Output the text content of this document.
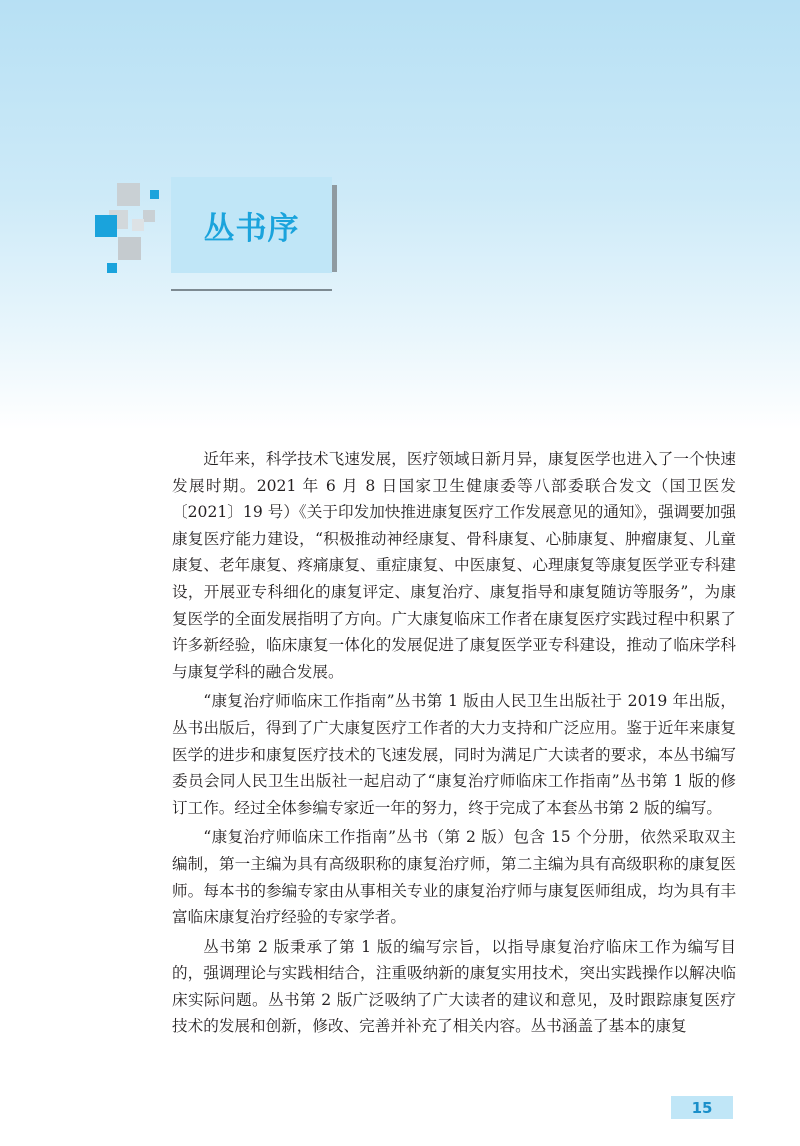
丛书序

近年来，科学技术飞速发展，医疗领域日新月异，康复医学也进入了一个快速发展时期。2021 年 6 月 8 日国家卫生健康委等八部委联合发文（国卫医发〔2021〕19 号）《关于印发加快推进康复医疗工作发展意见的通知》，强调要加强康复医疗能力建设，“积极推动神经康复、骨科康复、心肺康复、肿瘤康复、儿童康复、老年康复、疼痛康复、重症康复、中医康复、心理康复等康复医学亚专科建设，开展亚专科细化的康复评定、康复治疗、康复指导和康复随访等服务”，为康复医学的全面发展指明了方向。广大康复临床工作者在康复医疗实践过程中积累了许多新经验，临床康复一体化的发展促进了康复医学亚专科建设，推动了临床学科与康复学科的融合发展。

“康复治疗师临床工作指南”丛书第 1 版由人民卫生出版社于 2019 年出版，丛书出版后，得到了广大康复医疗工作者的大力支持和广泛应用。鉴于近年来康复医学的进步和康复医疗技术的飞速发展，同时为满足广大读者的要求，本丛书编写委员会同人民卫生出版社一起启动了“康复治疗师临床工作指南”丛书第 1 版的修订工作。经过全体参编专家近一年的努力，终于完成了本套丛书第 2 版的编写。

“康复治疗师临床工作指南”丛书（第 2 版）包含 15 个分册，依然采取双主编制，第一主编为具有高级职称的康复治疗师，第二主编为具有高级职称的康复医师。每本书的参编专家由从事相关专业的康复治疗师与康复医师组成，均为具有丰富临床康复治疗经验的专家学者。

丛书第 2 版秉承了第 1 版的编写宗旨，以指导康复治疗临床工作为编写目的，强调理论与实践相结合，注重吸纳新的康复实用技术，突出实践操作以解决临床实际问题。丛书第 2 版广泛吸纳了广大读者的建议和意见，及时跟踪康复医疗技术的发展和创新，修改、完善并补充了相关内容。丛书涵盖了基本的康复

15
